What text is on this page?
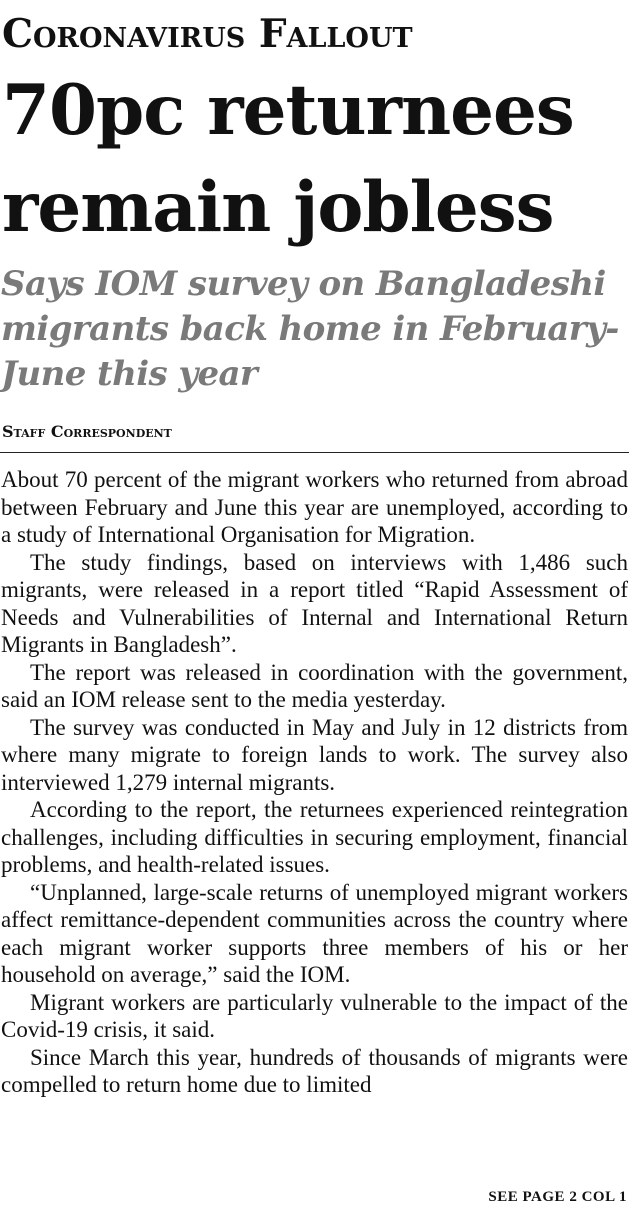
Coronavirus Fallout
70pc returnees remain jobless
Says IOM survey on Bangladeshi migrants back home in February-June this year
Staff Correspondent

About 70 percent of the migrant workers who returned from abroad between February and June this year are unemployed, according to a study of International Organisation for Migration.

The study findings, based on interviews with 1,486 such migrants, were released in a report titled “Rapid Assessment of Needs and Vulnerabilities of Internal and International Return Migrants in Bangladesh”.

The report was released in coordination with the government, said an IOM release sent to the media yesterday.

The survey was conducted in May and July in 12 districts from where many migrate to foreign lands to work. The survey also interviewed 1,279 internal migrants.

According to the report, the returnees experienced reintegration challenges, including difficulties in securing employment, financial problems, and health-related issues.

“Unplanned, large-scale returns of unemployed migrant workers affect remittance-dependent communities across the country where each migrant worker supports three members of his or her household on average,” said the IOM.

Migrant workers are particularly vulnerable to the impact of the Covid-19 crisis, it said.

Since March this year, hundreds of thousands of migrants were compelled to return home due to limited

SEE PAGE 2 COL 1
